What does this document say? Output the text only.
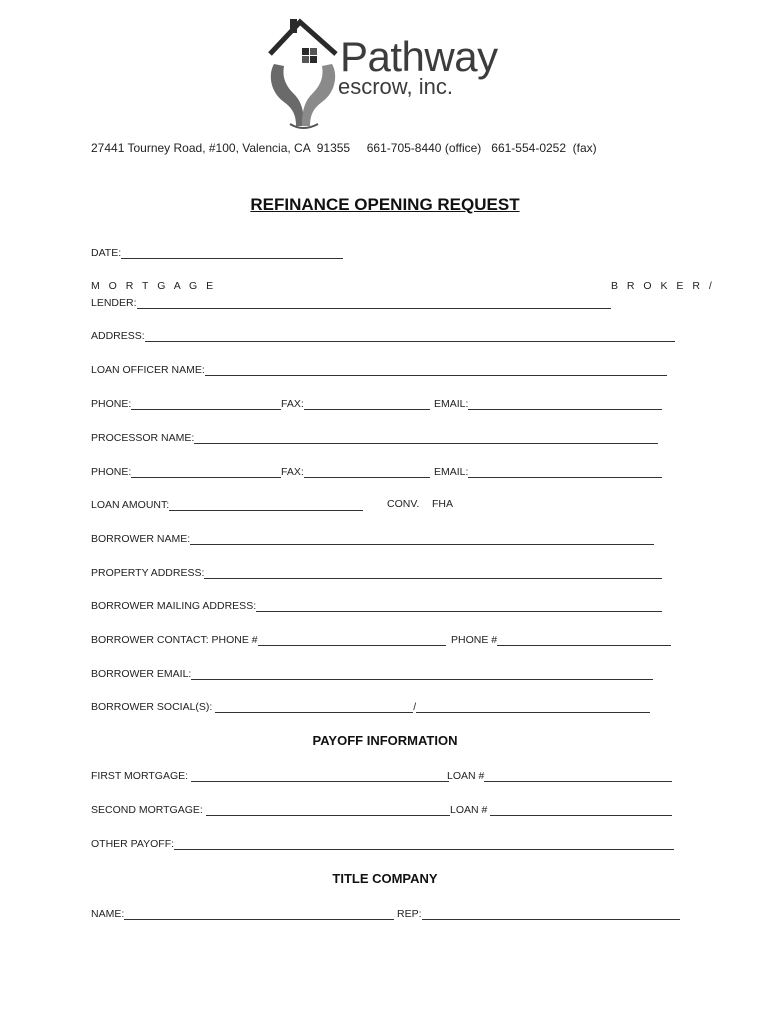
Pathway
escrow, inc.
27441 Tourney Road, #100, Valencia, CA  91355     661-705-8440 (office)   661-554-0252  (fax)
REFINANCE OPENING REQUEST
DATE:
M O R T G A G E	B R O K E R /
LENDER:
ADDRESS:
LOAN OFFICER NAME:
PHONE:	FAX:	EMAIL:
PROCESSOR NAME:
PHONE:	FAX:	EMAIL:
LOAN AMOUNT:	CONV. FHA
BORROWER NAME:
PROPERTY ADDRESS:
BORROWER MAILING ADDRESS:
BORROWER CONTACT: PHONE #	PHONE #
BORROWER EMAIL:
BORROWER SOCIAL(S):	/
PAYOFF INFORMATION
FIRST MORTGAGE:	LOAN #
SECOND MORTGAGE:	LOAN #
OTHER PAYOFF:
TITLE COMPANY
NAME:	REP:
